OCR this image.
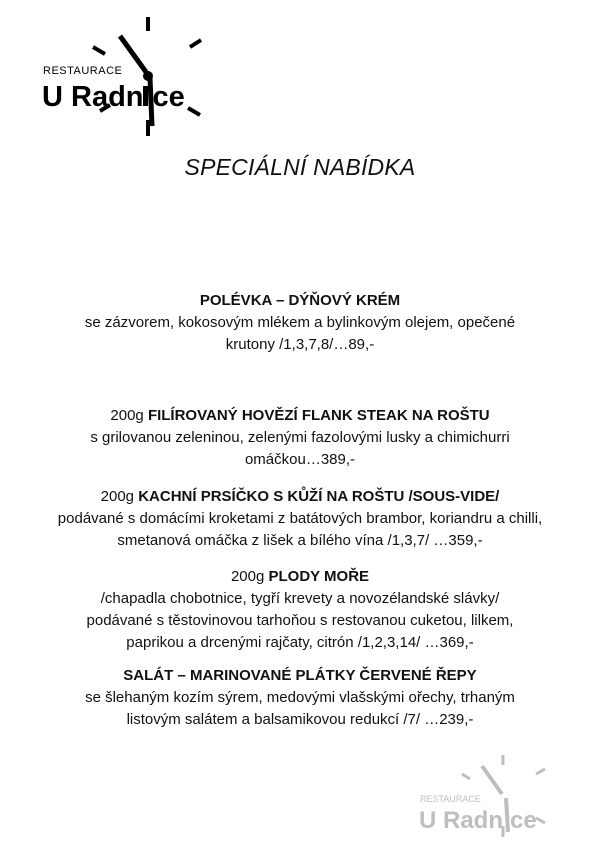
RESTAURACE
U Radn ce
SPECIÁLNÍ NABÍDKA
POLÉVKA – DÝŇOVÝ KRÉM
se zázvorem, kokosovým mlékem a bylinkovým olejem, opečené krutony /1,3,7,8/…89,-
200g FILÍROVANÝ HOVĚZÍ FLANK STEAK NA ROŠTU
s grilovanou zeleninou, zelenými fazolovými lusky a chimichurri omáčkou…389,-
200g KACHNÍ PRSÍČKO S KŮŽÍ NA ROŠTU /SOUS-VIDE/
podávané s domácími kroketami z batátových brambor, koriandru a chilli, smetanová omáčka z lišek a bílého vína /1,3,7/ …359,-
200g PLODY MOŘE
/chapadla chobotnice, tygří krevety a novozélandské slávky/ podávané s těstovinovou tarhoňou s restovanou cuketou, lilkem, paprikou a drcenými rajčaty, citrón /1,2,3,14/ …369,-
SALÁT – MARINOVANÉ PLÁTKY ČERVENÉ ŘEPY
se šlehaným kozím sýrem, medovými vlašskými ořechy, trhaným listovým salátem a balsamikovou redukcí /7/ …239,-
RESTAURACE
U Radn ce
